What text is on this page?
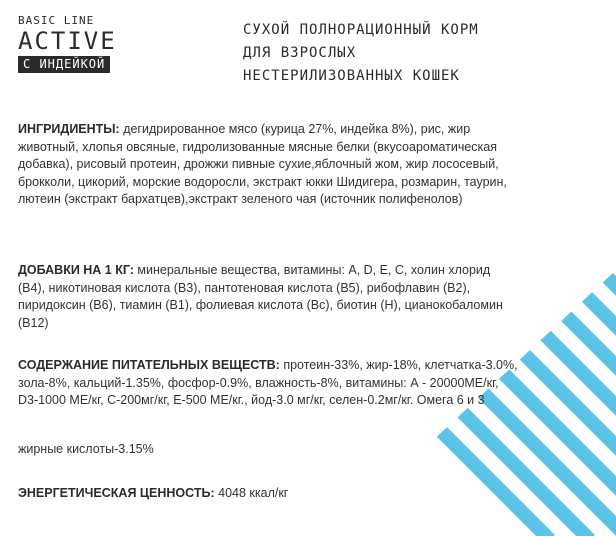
BASIC LINE
ACTIVE
С ИНДЕЙКОЙ
СУХОЙ ПОЛНОРАЦИОННЫЙ КОРМ
ДЛЯ ВЗРОСЛЫХ
НЕСТЕРИЛИЗОВАННЫХ КОШЕК
ИНГРИДИЕНТЫ: дегидрированное мясо (курица 27%, индейка 8%), рис, жир животный, хлопья овсяные, гидролизованные мясные белки (вкусоароматическая добавка), рисовый протеин, дрожжи пивные сухие,яблочный жом, жир лососевый, брокколи, цикорий, морские водоросли, экстракт юкки Шидигера, розмарин, таурин, лютеин (экстракт бархатцев),экстракт зеленого чая (источник полифенолов)
ДОБАВКИ НА 1 КГ: минеральные вещества, витамины: А, D, Е, С, холин хлорид (В4), никотиновая кислота (В3), пантотеновая кислота (В5), рибофлавин (В2), пиридоксин (В6), тиамин (В1), фолиевая кислота (Вс), биотин (Н), цианокобаломин (В12)
СОДЕРЖАНИЕ ПИТАТЕЛЬНЫХ ВЕЩЕСТВ: протеин-33%, жир-18%, клетчатка-3.0%, зола-8%, кальций-1.35%, фосфор-0.9%, влажность-8%, витамины: А - 20000МЕ/кг, D3-1000 МЕ/кг, С-200мг/кг, Е-500 МЕ/кг., йод-3.0 мг/кг, селен-0.2мг/кг. Омега 6 и 3
жирные кислоты-3.15%
ЭНЕРГЕТИЧЕСКАЯ ЦЕННОСТЬ: 4048 ккал/кг
